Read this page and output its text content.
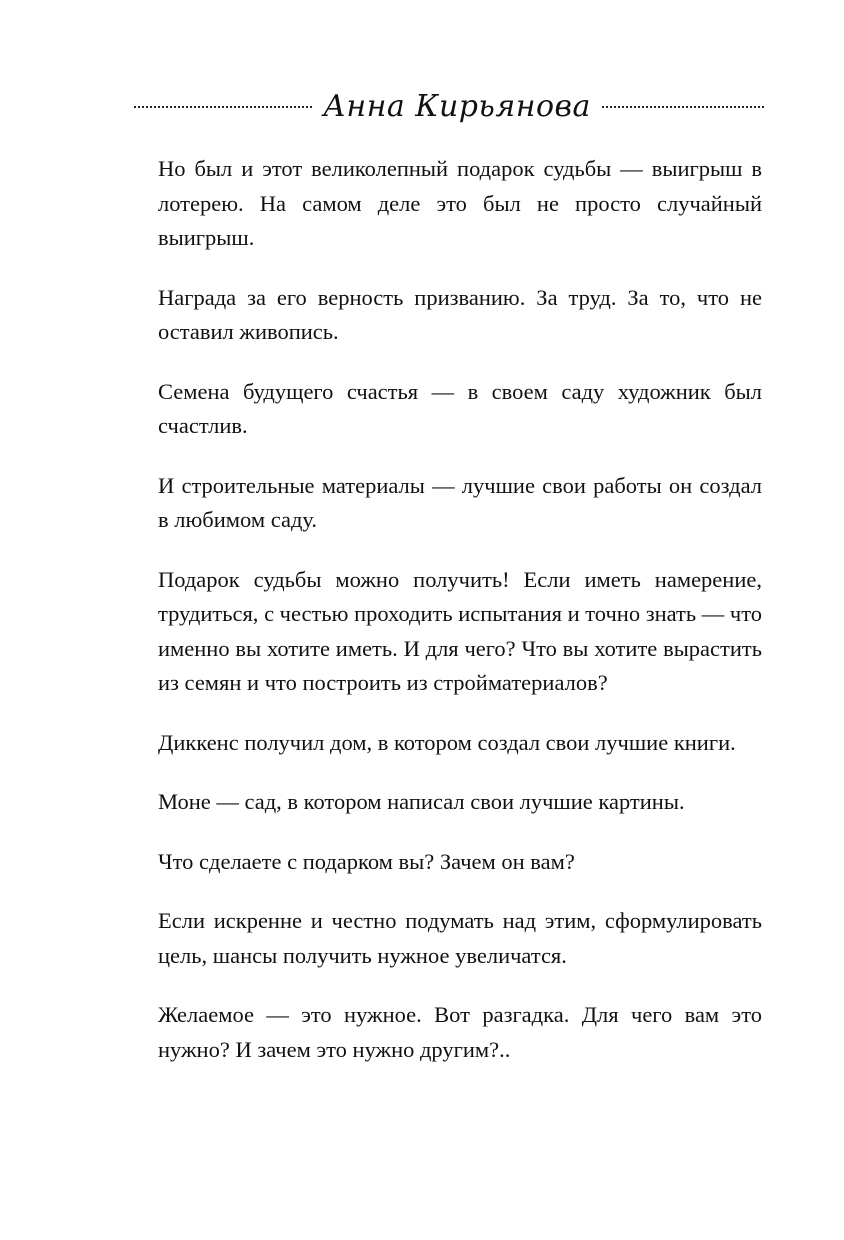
Анна Кирьянова

Но был и этот великолепный подарок судьбы — выигрыш в лотерею. На самом деле это был не просто случайный выигрыш.

Награда за его верность призванию. За труд. За то, что не оставил живопись.

Семена будущего счастья — в своем саду художник был счастлив.

И строительные материалы — лучшие свои работы он создал в любимом саду.

Подарок судьбы можно получить! Если иметь намерение, трудиться, с честью проходить испытания и точно знать — что именно вы хотите иметь. И для чего? Что вы хотите вырастить из семян и что построить из стройматериалов?

Диккенс получил дом, в котором создал свои лучшие книги.

Моне — сад, в котором написал свои лучшие картины.

Что сделаете с подарком вы? Зачем он вам?

Если искренне и честно подумать над этим, сформулировать цель, шансы получить нужное увеличатся.

Желаемое — это нужное. Вот разгадка. Для чего вам это нужно? И зачем это нужно другим?..
